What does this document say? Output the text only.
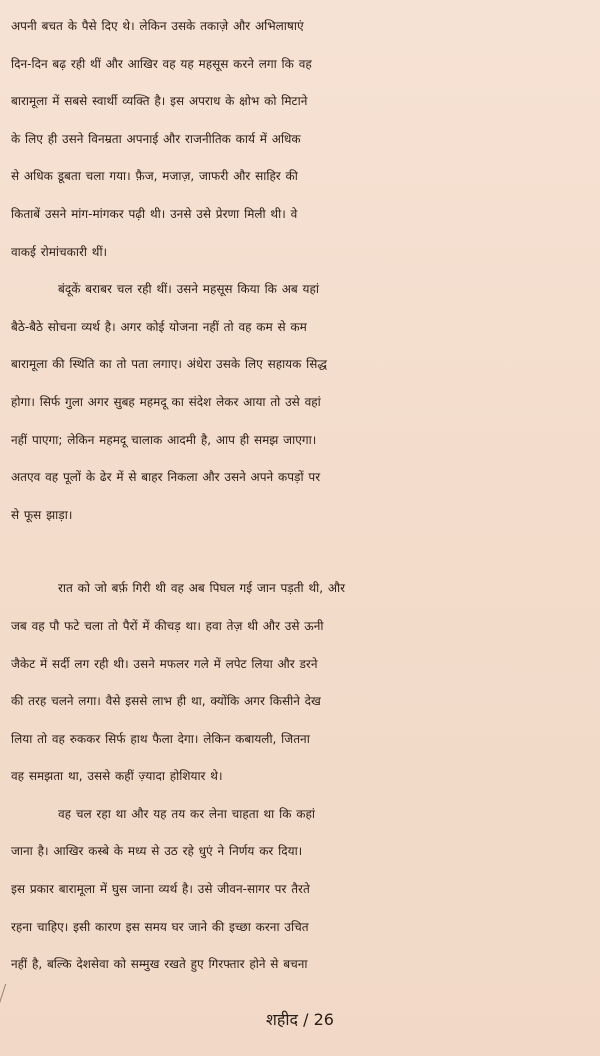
अपनी बचत के पैसे दिए थे। लेकिन उसके तकाज़े और अभिलाषाएं
दिन-दिन बढ़ रही थीं और आखिर वह यह महसूस करने लगा कि वह
बारामूला में सबसे स्वार्थी व्यक्ति है। इस अपराध के क्षोभ को मिटाने
के लिए ही उसने विनम्रता अपनाई और राजनीतिक कार्य में अधिक
से अधिक डूबता चला गया। फ़ैज, मजाज़, जाफरी और साहिर की
किताबें उसने मांग-मांगकर पढ़ी थी। उनसे उसे प्रेरणा मिली थी। वे
वाकई रोमांचकारी थीं।
बंदूकें बराबर चल रही थीं। उसने महसूस किया कि अब यहां
बैठे-बैठे सोचना व्यर्थ है। अगर कोई योजना नहीं तो वह कम से कम
बारामूला की स्थिति का तो पता लगाए। अंधेरा उसके लिए सहायक सिद्ध
होगा। सिर्फ गुला अगर सुबह महमदू का संदेश लेकर आया तो उसे वहां
नहीं पाएगा; लेकिन महमदू चालाक आदमी है, आप ही समझ जाएगा।
अतएव वह पूलों के ढेर में से बाहर निकला और उसने अपने कपड़ों पर
से फूस झाड़ा।
रात को जो बर्फ़ गिरी थी वह अब पिघल गई जान पड़ती थी, और
जब वह पौ फटे चला तो पैरों में कीचड़ था। हवा तेज़ थी और उसे ऊनी
जैकेट में सर्दी लग रही थी। उसने मफलर गले में लपेट लिया और डरने
की तरह चलने लगा। वैसे इससे लाभ ही था, क्योंकि अगर किसीने देख
लिया तो वह रुककर सिर्फ हाथ फैला देगा। लेकिन कबायली, जितना
वह समझता था, उससे कहीं ज़्यादा होशियार थे।
वह चल रहा था और यह तय कर लेना चाहता था कि कहां
जाना है। आखिर कस्बे के मध्य से उठ रहे धुएं ने निर्णय कर दिया।
इस प्रकार बारामूला में घुस जाना व्यर्थ है। उसे जीवन-सागर पर तैरते
रहना चाहिए। इसी कारण इस समय घर जाने की इच्छा करना उचित
नहीं है, बल्कि देशसेवा को सम्मुख रखते हुए गिरफ्तार होने से बचना
शहीद / 26
